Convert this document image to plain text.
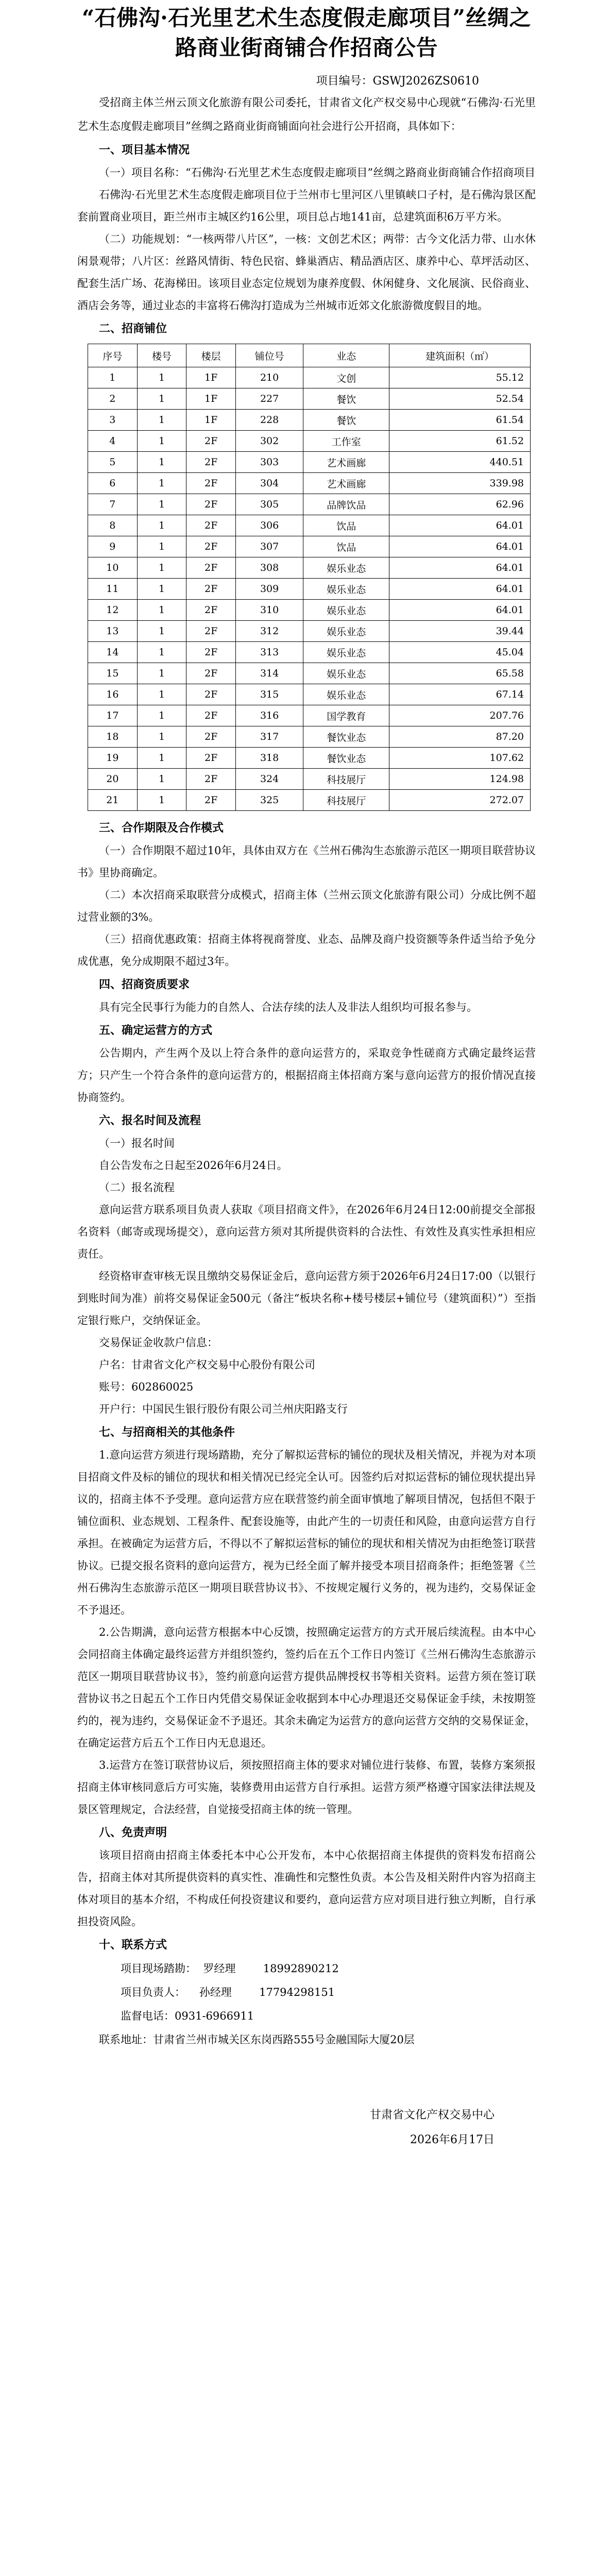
“石佛沟·石光里艺术生态度假走廊项目”丝绸之路商业街商铺合作招商公告
项目编号：GSWJ2026ZS0610

受招商主体兰州云顶文化旅游有限公司委托，甘肃省文化产权交易中心现就“石佛沟·石光里艺术生态度假走廊项目”丝绸之路商业街商铺面向社会进行公开招商，具体如下：

一、项目基本情况

（一）项目名称：“石佛沟·石光里艺术生态度假走廊项目”丝绸之路商业街商铺合作招商项目

石佛沟·石光里艺术生态度假走廊项目位于兰州市七里河区八里镇峡口子村，是石佛沟景区配套前置商业项目，距兰州市主城区约16公里，项目总占地141亩，总建筑面积6万平方米。

（二）功能规划：“一核两带八片区”，一核：文创艺术区；两带：古今文化活力带、山水休闲景观带；八片区：丝路风情街、特色民宿、蜂巢酒店、精品酒店区、康养中心、草坪活动区、配套生活广场、花海梯田。该项目业态定位规划为康养度假、休闲健身、文化展演、民俗商业、酒店会务等，通过业态的丰富将石佛沟打造成为兰州城市近郊文化旅游微度假目的地。

二、招商铺位
序号	楼号	楼层	铺位号	业态	建筑面积（㎡）
1	1	1F	210	文创	55.12
2	1	1F	227	餐饮	52.54
3	1	1F	228	餐饮	61.54
4	1	2F	302	工作室	61.52
5	1	2F	303	艺术画廊	440.51
6	1	2F	304	艺术画廊	339.98
7	1	2F	305	品牌饮品	62.96
8	1	2F	306	饮品	64.01
9	1	2F	307	饮品	64.01
10	1	2F	308	娱乐业态	64.01
11	1	2F	309	娱乐业态	64.01
12	1	2F	310	娱乐业态	64.01
13	1	2F	312	娱乐业态	39.44
14	1	2F	313	娱乐业态	45.04
15	1	2F	314	娱乐业态	65.58
16	1	2F	315	娱乐业态	67.14
17	1	2F	316	国学教育	207.76
18	1	2F	317	餐饮业态	87.20
19	1	2F	318	餐饮业态	107.62
20	1	2F	324	科技展厅	124.98
21	1	2F	325	科技展厅	272.07
三、合作期限及合作模式

（一）合作期限不超过10年，具体由双方在《兰州石佛沟生态旅游示范区一期项目联营协议书》里协商确定。

（二）本次招商采取联营分成模式，招商主体（兰州云顶文化旅游有限公司）分成比例不超过营业额的3%。

（三）招商优惠政策：招商主体将视商誉度、业态、品牌及商户投资额等条件适当给予免分成优惠，免分成期限不超过3年。

四、招商资质要求

具有完全民事行为能力的自然人、合法存续的法人及非法人组织均可报名参与。

五、确定运营方的方式

公告期内，产生两个及以上符合条件的意向运营方的，采取竞争性磋商方式确定最终运营方；只产生一个符合条件的意向运营方的，根据招商主体招商方案与意向运营方的报价情况直接协商签约。

六、报名时间及流程

（一）报名时间

自公告发布之日起至2026年6月24日。

（二）报名流程

意向运营方联系项目负责人获取《项目招商文件》，在2026年6月24日12:00前提交全部报名资料（邮寄或现场提交），意向运营方须对其所提供资料的合法性、有效性及真实性承担相应责任。

经资格审查审核无误且缴纳交易保证金后，意向运营方须于2026年6月24日17:00（以银行到账时间为准）前将交易保证金500元（备注“板块名称+楼号楼层+铺位号（建筑面积）”）至指定银行账户，交纳保证金。

交易保证金收款户信息：

户名：甘肃省文化产权交易中心股份有限公司

账号：602860025

开户行：中国民生银行股份有限公司兰州庆阳路支行

七、与招商相关的其他条件

1.意向运营方须进行现场踏勘，充分了解拟运营标的铺位的现状及相关情况，并视为对本项目招商文件及标的铺位的现状和相关情况已经完全认可。因签约后对拟运营标的铺位现状提出异议的，招商主体不予受理。意向运营方应在联营签约前全面审慎地了解项目情况，包括但不限于铺位面积、业态规划、工程条件、配套设施等，由此产生的一切责任和风险，由意向运营方自行承担。在被确定为运营方后，不得以不了解拟运营标的铺位的现状和相关情况为由拒绝签订联营协议。已提交报名资料的意向运营方，视为已经全面了解并接受本项目招商条件；拒绝签署《兰州石佛沟生态旅游示范区一期项目联营协议书》、不按规定履行义务的，视为违约，交易保证金不予退还。

2.公告期满，意向运营方根据本中心反馈，按照确定运营方的方式开展后续流程。由本中心会同招商主体确定最终运营方并组织签约，签约后在五个工作日内签订《兰州石佛沟生态旅游示范区一期项目联营协议书》，签约前意向运营方提供品牌授权书等相关资料。运营方须在签订联营协议书之日起五个工作日内凭借交易保证金收据到本中心办理退还交易保证金手续，未按期签约的，视为违约，交易保证金不予退还。其余未确定为运营方的意向运营方交纳的交易保证金，在确定运营方后五个工作日内无息退还。

3.运营方在签订联营协议后，须按照招商主体的要求对铺位进行装修、布置，装修方案须报招商主体审核同意后方可实施，装修费用由运营方自行承担。运营方须严格遵守国家法律法规及景区管理规定，合法经营，自觉接受招商主体的统一管理。

八、免责声明

该项目招商由招商主体委托本中心公开发布，本中心依据招商主体提供的资料发布招商公告，招商主体对其所提供资料的真实性、准确性和完整性负责。本公告及相关附件内容为招商主体对项目的基本介绍，不构成任何投资建议和要约，意向运营方应对项目进行独立判断，自行承担投资风险。

十、联系方式
项目现场踏勘：  罗经理        18992890212
项目负责人：    孙经理        17794298151
监督电话：0931-6966911

联系地址：甘肃省兰州市城关区东岗西路555号金融国际大厦20层

甘肃省文化产权交易中心
2026年6月17日
